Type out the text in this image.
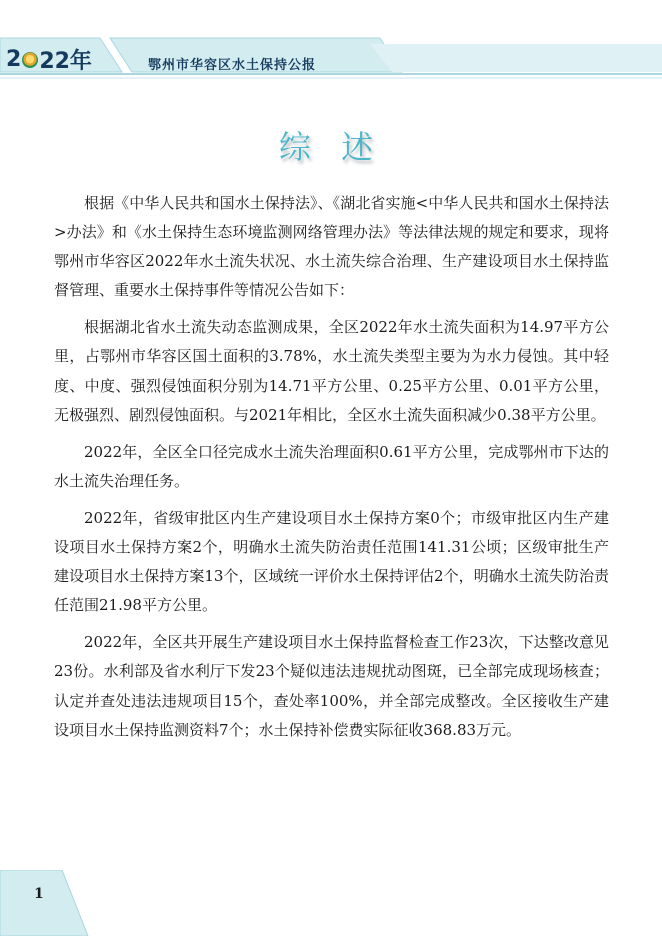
2 22年	鄂州市华容区水土保持公报
综 述

根据《中华人民共和国水土保持法》、《湖北省实施<中华人民共和国水土保持法>办法》和《水土保持生态环境监测网络管理办法》等法律法规的规定和要求，现将鄂州市华容区2022年水土流失状况、水土流失综合治理、生产建设项目水土保持监督管理、重要水土保持事件等情况公告如下：

根据湖北省水土流失动态监测成果，全区2022年水土流失面积为14.97平方公里，占鄂州市华容区国土面积的3.78%，水土流失类型主要为为水力侵蚀。其中轻度、中度、强烈侵蚀面积分别为14.71平方公里、0.25平方公里、0.01平方公里，无极强烈、剧烈侵蚀面积。与2021年相比，全区水土流失面积减少0.38平方公里。

2022年，全区全口径完成水土流失治理面积0.61平方公里，完成鄂州市下达的水土流失治理任务。

2022年，省级审批区内生产建设项目水土保持方案0个；市级审批区内生产建设项目水土保持方案2个，明确水土流失防治责任范围141.31公顷；区级审批生产建设项目水土保持方案13个，区域统一评价水土保持评估2个，明确水土流失防治责任范围21.98平方公里。

2022年，全区共开展生产建设项目水土保持监督检查工作23次，下达整改意见23份。水利部及省水利厅下发23个疑似违法违规扰动图斑，已全部完成现场核查；认定并查处违法违规项目15个，查处率100%，并全部完成整改。全区接收生产建设项目水土保持监测资料7个；水土保持补偿费实际征收368.83万元。

1
